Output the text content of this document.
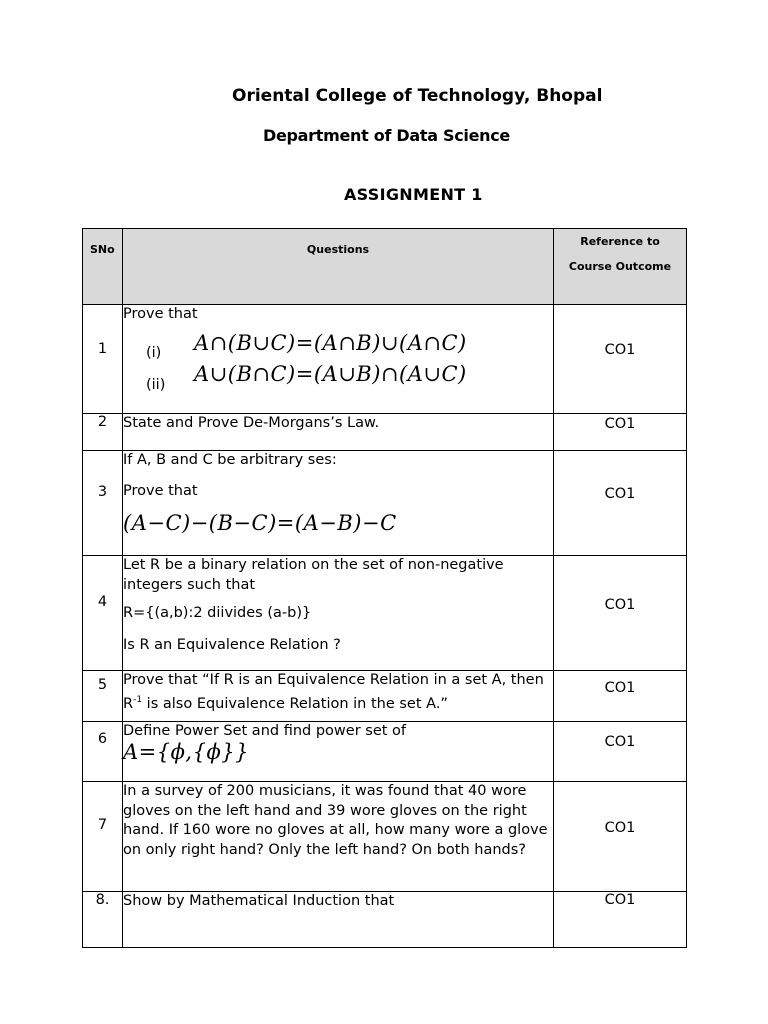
Oriental College of Technology, Bhopal
Department of Data Science
ASSIGNMENT 1
SNo	Questions	Reference to
Course Outcome

1	Prove that
(i) A∩(B∪C)=(A∩B)∪(A∩C)
(ii) A∪(B∩C)=(A∪B)∩(A∪C)	CO1
2	State and Prove De-Morgans’s Law.	CO1
3	If A, B and C be arbitrary ses:
Prove that
(A−C)−(B−C)=(A−B)−C	CO1
4	Let R be a binary relation on the set of non-negative integers such that
R={(a,b):2 diivides (a-b)}
Is R an Equivalence Relation ?	CO1
5	Prove that “If R is an Equivalence Relation in a set A, then $R^{-1}$ is also Equivalence Relation in the set A.”	CO1
6	Define Power Set and find power set of
A={ϕ,{ϕ}}	CO1
7	In a survey of 200 musicians, it was found that 40 wore gloves on the left hand and 39 wore gloves on the right hand. If 160 wore no gloves at all, how many wore a glove on only right hand? Only the left hand? On both hands?	CO1
8.	Show by Mathematical Induction that	CO1
